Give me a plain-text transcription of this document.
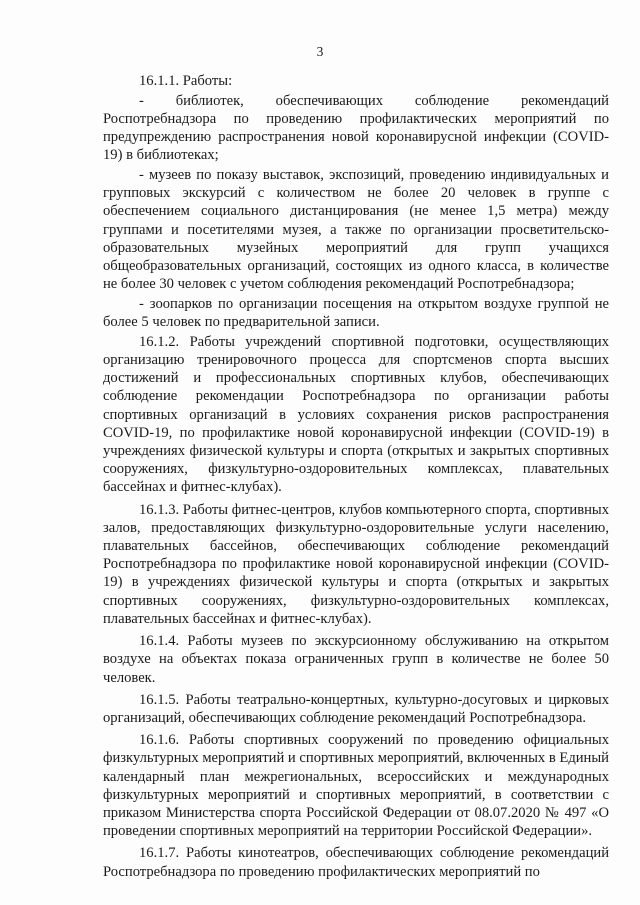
3

16.1.1. Работы:

- библиотек, обеспечивающих соблюдение рекомендаций Роспотребнадзора по проведению профилактических мероприятий по предупреждению распространения новой коронавирусной инфекции (COVID-19) в библиотеках;

- музеев по показу выставок, экспозиций, проведению индивидуальных и групповых экскурсий с количеством не более 20 человек в группе с обеспечением социального дистанцирования (не менее 1,5 метра) между группами и посетителями музея, а также по организации просветительско-образовательных музейных мероприятий для групп учащихся общеобразовательных организаций, состоящих из одного класса, в количестве не более 30 человек с учетом соблюдения рекомендаций Роспотребнадзора;

- зоопарков по организации посещения на открытом воздухе группой не более 5 человек по предварительной записи.

16.1.2. Работы учреждений спортивной подготовки, осуществляющих организацию тренировочного процесса для спортсменов спорта высших достижений и профессиональных спортивных клубов, обеспечивающих соблюдение рекомендации Роспотребнадзора по организации работы спортивных организаций в условиях сохранения рисков распространения COVID-19, по профилактике новой коронавирусной инфекции (COVID-19) в учреждениях физической культуры и спорта (открытых и закрытых спортивных сооружениях, физкультурно-оздоровительных комплексах, плавательных бассейнах и фитнес-клубах).

16.1.3. Работы фитнес-центров, клубов компьютерного спорта, спортивных залов, предоставляющих физкультурно-оздоровительные услуги населению, плавательных бассейнов, обеспечивающих соблюдение рекомендаций Роспотребнадзора по профилактике новой коронавирусной инфекции (COVID-19) в учреждениях физической культуры и спорта (открытых и закрытых спортивных сооружениях, физкультурно-оздоровительных комплексах, плавательных бассейнах и фитнес-клубах).

16.1.4. Работы музеев по экскурсионному обслуживанию на открытом воздухе на объектах показа ограниченных групп в количестве не более 50 человек.

16.1.5. Работы театрально-концертных, культурно-досуговых и цирковых организаций, обеспечивающих соблюдение рекомендаций Роспотребнадзора.

16.1.6. Работы спортивных сооружений по проведению официальных физкультурных мероприятий и спортивных мероприятий, включенных в Единый календарный план межрегиональных, всероссийских и международных физкультурных мероприятий и спортивных мероприятий, в соответствии с приказом Министерства спорта Российской Федерации от 08.07.2020 № 497 «О проведении спортивных мероприятий на территории Российской Федерации».

16.1.7. Работы кинотеатров, обеспечивающих соблюдение рекомендаций Роспотребнадзора по проведению профилактических мероприятий по
